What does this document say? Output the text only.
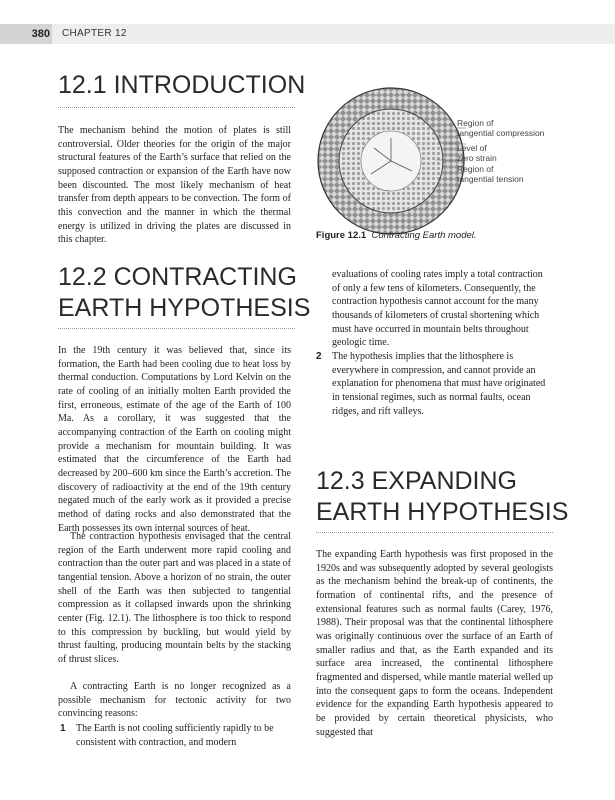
380 CHAPTER 12
12.1 INTRODUCTION

The mechanism behind the motion of plates is still controversial. Older theories for the origin of the major structural features of the Earth’s surface that relied on the supposed contraction or expansion of the Earth have now been discounted. The most likely mechanism of heat transfer from depth appears to be convection. The form of this convection and the manner in which the thermal energy is utilized in driving the plates are discussed in this chapter.

Region of
tangential compression
Level of
zero strain
Region of
tangential tension
Figure 12.1 Contracting Earth model.
12.2 CONTRACTING
EARTH HYPOTHESIS

In the 19th century it was believed that, since its formation, the Earth had been cooling due to heat loss by thermal conduction. Computations by Lord Kelvin on the rate of cooling of an initially molten Earth provided the first, erroneous, estimate of the age of the Earth of 100 Ma. As a corollary, it was suggested that the accompanying contraction of the Earth on cooling might provide a mechanism for mountain building. It was estimated that the circumference of the Earth had decreased by 200–600 km since the Earth’s accretion. The discovery of radioactivity at the end of the 19th century negated much of the early work as it provided a precise method of dating rocks and also demonstrated that the Earth possesses its own internal sources of heat.

The contraction hypothesis envisaged that the central region of the Earth underwent more rapid cooling and contraction than the outer part and was placed in a state of tangential tension. Above a horizon of no strain, the outer shell of the Earth was then subjected to tangential compression as it collapsed inwards upon the shrinking center (Fig. 12.1). The lithosphere is too thick to respond to this compression by buckling, but would yield by thrust faulting, producing mountain belts by the stacking of thrust slices.

A contracting Earth is no longer recognized as a possible mechanism for tectonic activity for two convincing reasons:

1 The Earth is not cooling sufficiently rapidly to be consistent with contraction, and modern
evaluations of cooling rates imply a total contraction of only a few tens of kilometers. Consequently, the contraction hypothesis cannot account for the many thousands of kilometers of crustal shortening which must have occurred in mountain belts throughout geologic time.
2 The hypothesis implies that the lithosphere is everywhere in compression, and cannot provide an explanation for phenomena that must have originated in tensional regimes, such as normal faults, ocean ridges, and rift valleys.
12.3 EXPANDING
EARTH HYPOTHESIS

The expanding Earth hypothesis was first proposed in the 1920s and was subsequently adopted by several geologists as the mechanism behind the break-up of continents, the formation of continental rifts, and the presence of extensional features such as normal faults (Carey, 1976, 1988). Their proposal was that the continental lithosphere was originally continuous over the surface of an Earth of smaller radius and that, as the Earth expanded and its surface area increased, the continental lithosphere fragmented and dispersed, while mantle material welled up into the consequent gaps to form the oceans. Independent evidence for the expanding Earth hypothesis appeared to be provided by certain theoretical physicists, who suggested that
